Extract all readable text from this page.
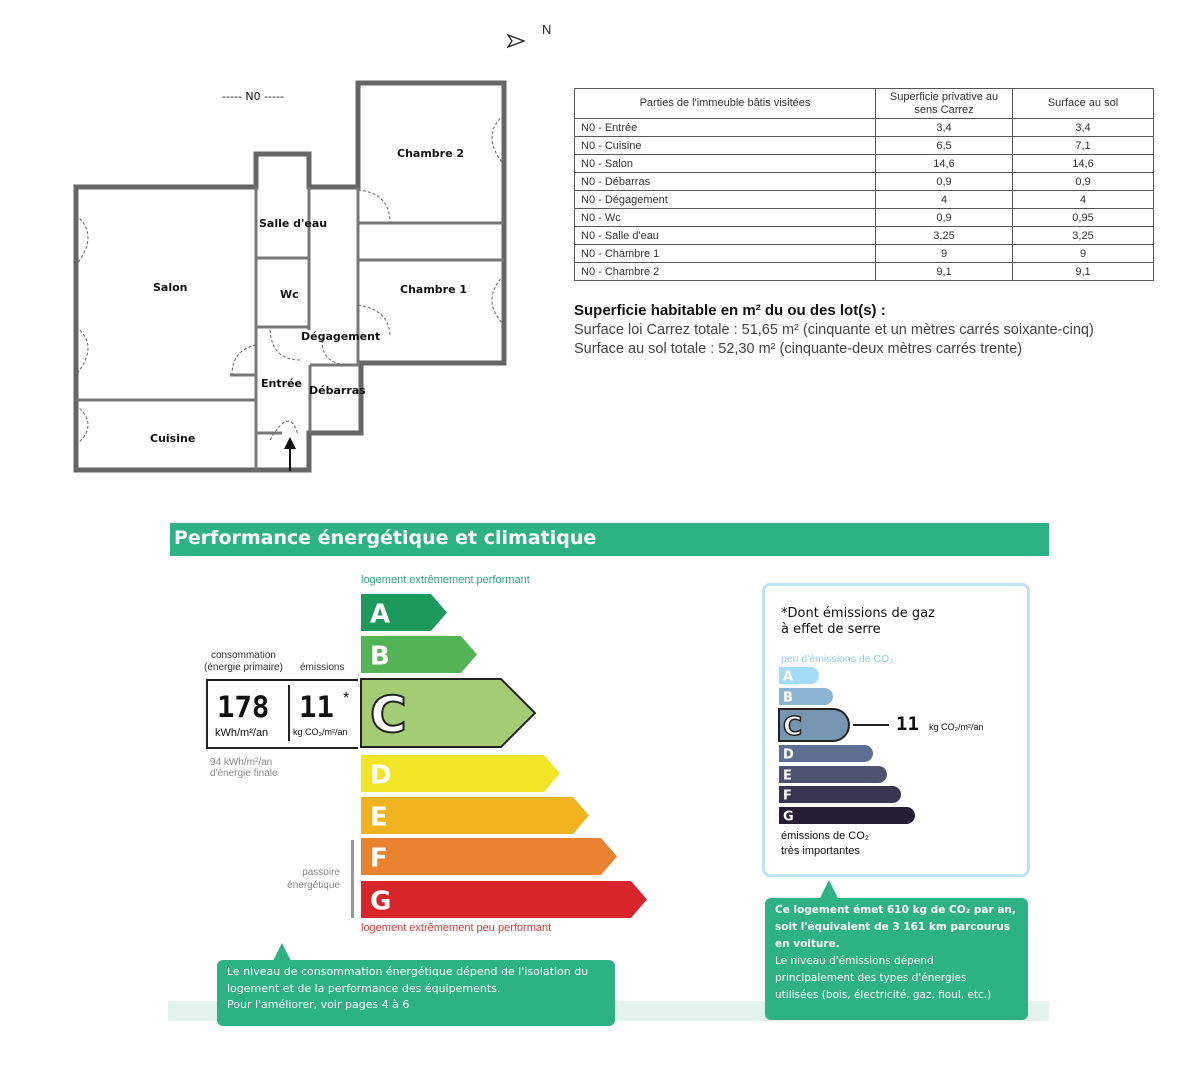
N
----- N0 -----
Chambre 2
Salle d'eau
Salon
Wc	Chambre 1
Dégagement
Entrée
Débarras
Cuisine
Parties de l'immeuble bâtis visitées	Superficie privative au sens Carrez	Surface au sol	
N0 - Entrée	3,4	3,4	
N0 - Cuisine	6,5	7,1	
N0 - Salon	14,6	14,6	
N0 - Débarras	0,9	0,9	
N0 - Dégagement	4	4	
N0 - Wc	0,9	0,95	
N0 - Salle d'eau	3,25	3,25	
N0 - Chambre 1	9	9	
N0 - Chambre 2	9,1	9,1	
Superficie habitable en m² du ou des lot(s) :
Surface loi Carrez totale : 51,65 m² (cinquante et un mètres carrés soixante-cinq)
Surface au sol totale : 52,30 m² (cinquante-deux mètres carrés trente)
Performance énergétique et climatique
logement extrêmement performant
logement extrêmement peu performant
A
B
C
D
E
F
G
consommation
(énergie primaire) émissions
178
kWh/m²/an
11 *
kg CO₂/m²/an
94 kWh/m²/an
d'énergie finale
passoire
énergétique
Le niveau de consommation énergétique dépend de l'isolation du
logement et de la performance des équipements.
Pour l'améliorer, voir pages 4 à 6
*Dont émissions de gaz
à effet de serre
peu d'émissions de CO₂
émissions de CO₂
très importantes
A
B
C
D
E
F
G
11 kg CO₂/m²/an
Ce logement émet 610 kg de CO₂ par an,
soit l'équivalent de 3 161 km parcourus
en voiture.
Le niveau d'émissions dépend
principalement des types d'énergies
utilisées (bois, électricité, gaz, fioul, etc.)
